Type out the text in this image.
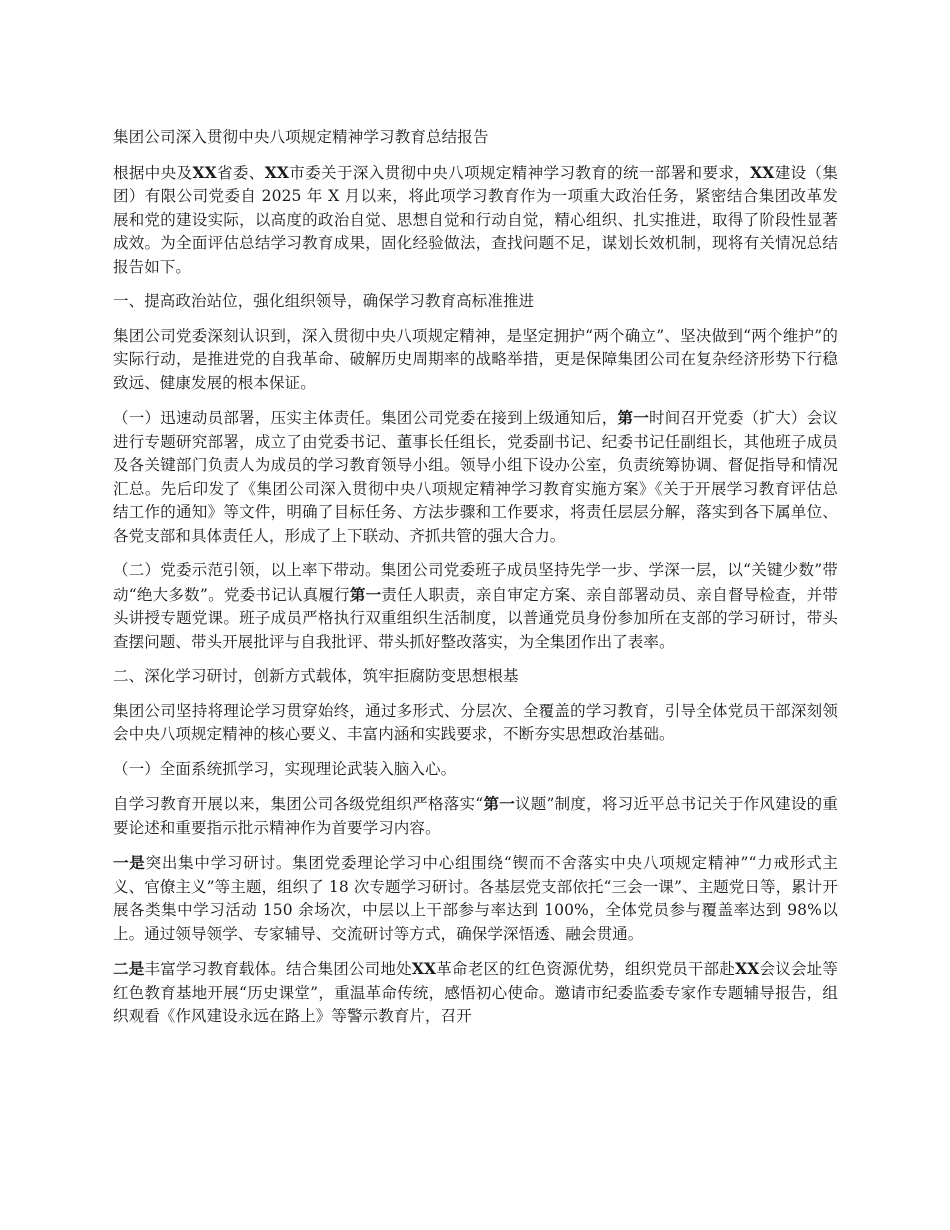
集团公司深入贯彻中央八项规定精神学习教育总结报告

根据中央及XX省委、XX市委关于深入贯彻中央八项规定精神学习教育的统一部署和要求，XX建设（集团）有限公司党委自 2025 年 X 月以来，将此项学习教育作为一项重大政治任务，紧密结合集团改革发展和党的建设实际，以高度的政治自觉、思想自觉和行动自觉，精心组织、扎实推进，取得了阶段性显著成效。为全面评估总结学习教育成果，固化经验做法，查找问题不足，谋划长效机制，现将有关情况总结报告如下。

一、提高政治站位，强化组织领导，确保学习教育高标准推进

集团公司党委深刻认识到，深入贯彻中央八项规定精神，是坚定拥护“两个确立”、坚决做到“两个维护”的实际行动，是推进党的自我革命、破解历史周期率的战略举措，更是保障集团公司在复杂经济形势下行稳致远、健康发展的根本保证。

（一）迅速动员部署，压实主体责任。集团公司党委在接到上级通知后，第一时间召开党委（扩大）会议进行专题研究部署，成立了由党委书记、董事长任组长，党委副书记、纪委书记任副组长，其他班子成员及各关键部门负责人为成员的学习教育领导小组。领导小组下设办公室，负责统筹协调、督促指导和情况汇总。先后印发了《集团公司深入贯彻中央八项规定精神学习教育实施方案》《关于开展学习教育评估总结工作的通知》等文件，明确了目标任务、方法步骤和工作要求，将责任层层分解，落实到各下属单位、各党支部和具体责任人，形成了上下联动、齐抓共管的强大合力。

（二）党委示范引领，以上率下带动。集团公司党委班子成员坚持先学一步、学深一层，以“关键少数”带动“绝大多数”。党委书记认真履行第一责任人职责，亲自审定方案、亲自部署动员、亲自督导检查，并带头讲授专题党课。班子成员严格执行双重组织生活制度，以普通党员身份参加所在支部的学习研讨，带头查摆问题、带头开展批评与自我批评、带头抓好整改落实，为全集团作出了表率。

二、深化学习研讨，创新方式载体，筑牢拒腐防变思想根基

集团公司坚持将理论学习贯穿始终，通过多形式、分层次、全覆盖的学习教育，引导全体党员干部深刻领会中央八项规定精神的核心要义、丰富内涵和实践要求，不断夯实思想政治基础。

（一）全面系统抓学习，实现理论武装入脑入心。

自学习教育开展以来，集团公司各级党组织严格落实“第一议题”制度，将习近平总书记关于作风建设的重要论述和重要指示批示精神作为首要学习内容。

一是突出集中学习研讨。集团党委理论学习中心组围绕“锲而不舍落实中央八项规定精神”“力戒形式主义、官僚主义”等主题，组织了 18 次专题学习研讨。各基层党支部依托“三会一课”、主题党日等，累计开展各类集中学习活动 150 余场次，中层以上干部参与率达到 100%，全体党员参与覆盖率达到 98%以上。通过领导领学、专家辅导、交流研讨等方式，确保学深悟透、融会贯通。

二是丰富学习教育载体。结合集团公司地处XX革命老区的红色资源优势，组织党员干部赴XX会议会址等红色教育基地开展“历史课堂”，重温革命传统，感悟初心使命。邀请市纪委监委专家作专题辅导报告，组织观看《作风建设永远在路上》等警示教育片，召开
